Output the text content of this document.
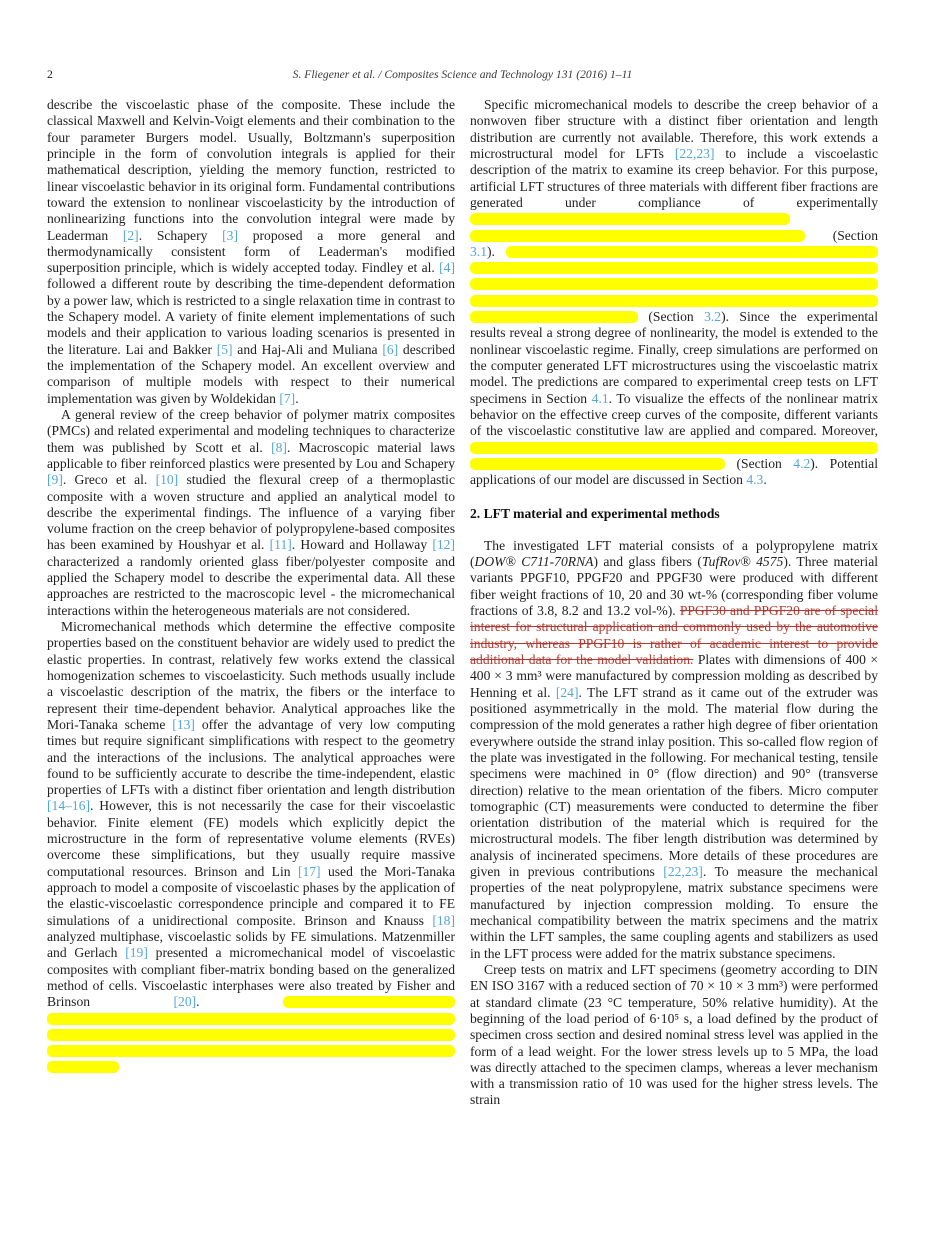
2	S. Fliegener et al. / Composites Science and Technology 131 (2016) 1–11

describe the viscoelastic phase of the composite. These include the classical Maxwell and Kelvin-Voigt elements and their combination to the four parameter Burgers model. Usually, Boltzmann's superposition principle in the form of convolution integrals is applied for their mathematical description, yielding the memory function, restricted to linear viscoelastic behavior in its original form. Fundamental contributions toward the extension to nonlinear viscoelasticity by the introduction of nonlinearizing functions into the convolution integral were made by Leaderman [2]. Schapery [3] proposed a more general and thermodynamically consistent form of Leaderman's modified superposition principle, which is widely accepted today. Findley et al. [4] followed a different route by describing the time-dependent deformation by a power law, which is restricted to a single relaxation time in contrast to the Schapery model. A variety of finite element implementations of such models and their application to various loading scenarios is presented in the literature. Lai and Bakker [5] and Haj-Ali and Muliana [6] described the implementation of the Schapery model. An excellent overview and comparison of multiple models with respect to their numerical implementation was given by Woldekidan [7].

A general review of the creep behavior of polymer matrix composites (PMCs) and related experimental and modeling techniques to characterize them was published by Scott et al. [8]. Macroscopic material laws applicable to fiber reinforced plastics were presented by Lou and Schapery [9]. Greco et al. [10] studied the flexural creep of a thermoplastic composite with a woven structure and applied an analytical model to describe the experimental findings. The influence of a varying fiber volume fraction on the creep behavior of polypropylene-based composites has been examined by Houshyar et al. [11]. Howard and Hollaway [12] characterized a randomly oriented glass fiber/polyester composite and applied the Schapery model to describe the experimental data. All these approaches are restricted to the macroscopic level - the micromechanical interactions within the heterogeneous materials are not considered.

Micromechanical methods which determine the effective composite properties based on the constituent behavior are widely used to predict the elastic properties. In contrast, relatively few works extend the classical homogenization schemes to viscoelasticity. Such methods usually include a viscoelastic description of the matrix, the fibers or the interface to represent their time-dependent behavior. Analytical approaches like the Mori-Tanaka scheme [13] offer the advantage of very low computing times but require significant simplifications with respect to the geometry and the interactions of the inclusions. The analytical approaches were found to be sufficiently accurate to describe the time-independent, elastic properties of LFTs with a distinct fiber orientation and length distribution [14–16]. However, this is not necessarily the case for their viscoelastic behavior. Finite element (FE) models which explicitly depict the microstructure in the form of representative volume elements (RVEs) overcome these simplifications, but they usually require massive computational resources. Brinson and Lin [17] used the Mori-Tanaka approach to model a composite of viscoelastic phases by the application of the elastic-viscoelastic correspondence principle and compared it to FE simulations of a unidirectional composite. Brinson and Knauss [18] analyzed multiphase, viscoelastic solids by FE simulations. Matzenmiller and Gerlach [19] presented a micromechanical model of viscoelastic composites with compliant fiber-matrix bonding based on the generalized method of cells. Viscoelastic interphases were also treated by Fisher and Brinson [20].

Specific micromechanical models to describe the creep behavior of a nonwoven fiber structure with a distinct fiber orientation and length distribution are currently not available. Therefore, this work extends a microstructural model for LFTs [22,23] to include a viscoelastic description of the matrix to examine its creep behavior. For this purpose, artificial LFT structures of three materials with different fiber fractions are generated under compliance of experimentally   (Section 3.1).      (Section 3.2). Since the experimental results reveal a strong degree of nonlinearity, the model is extended to the nonlinear viscoelastic regime. Finally, creep simulations are performed on the computer generated LFT microstructures using the viscoelastic matrix model. The predictions are compared to experimental creep tests on LFT specimens in Section 4.1. To visualize the effects of the nonlinear matrix behavior on the effective creep curves of the composite, different variants of the viscoelastic constitutive law are applied and compared. Moreover,   (Section 4.2). Potential applications of our model are discussed in Section 4.3.

2. LFT material and experimental methods

The investigated LFT material consists of a polypropylene matrix (DOW® C711-70RNA) and glass fibers (TufRov® 4575). Three material variants PPGF10, PPGF20 and PPGF30 were produced with different fiber weight fractions of 10, 20 and 30 wt-% (corresponding fiber volume fractions of 3.8, 8.2 and 13.2 vol-%). PPGF30 and PPGF20 are of special interest for structural application and commonly used by the automotive industry, whereas PPGF10 is rather of academic interest to provide additional data for the model validation. Plates with dimensions of 400 × 400 × 3 mm³ were manufactured by compression molding as described by Henning et al. [24]. The LFT strand as it came out of the extruder was positioned asymmetrically in the mold. The material flow during the compression of the mold generates a rather high degree of fiber orientation everywhere outside the strand inlay position. This so-called flow region of the plate was investigated in the following. For mechanical testing, tensile specimens were machined in 0° (flow direction) and 90° (transverse direction) relative to the mean orientation of the fibers. Micro computer tomographic (CT) measurements were conducted to determine the fiber orientation distribution of the material which is required for the microstructural models. The fiber length distribution was determined by analysis of incinerated specimens. More details of these procedures are given in previous contributions [22,23]. To measure the mechanical properties of the neat polypropylene, matrix substance specimens were manufactured by injection compression molding. To ensure the mechanical compatibility between the matrix specimens and the matrix within the LFT samples, the same coupling agents and stabilizers as used in the LFT process were added for the matrix substance specimens.

Creep tests on matrix and LFT specimens (geometry according to DIN EN ISO 3167 with a reduced section of 70 × 10 × 3 mm³) were performed at standard climate (23 °C temperature, 50% relative humidity). At the beginning of the load period of 6·10⁵ s, a load defined by the product of specimen cross section and desired nominal stress level was applied in the form of a lead weight. For the lower stress levels up to 5 MPa, the load was directly attached to the specimen clamps, whereas a lever mechanism with a transmission ratio of 10 was used for the higher stress levels. The strain
